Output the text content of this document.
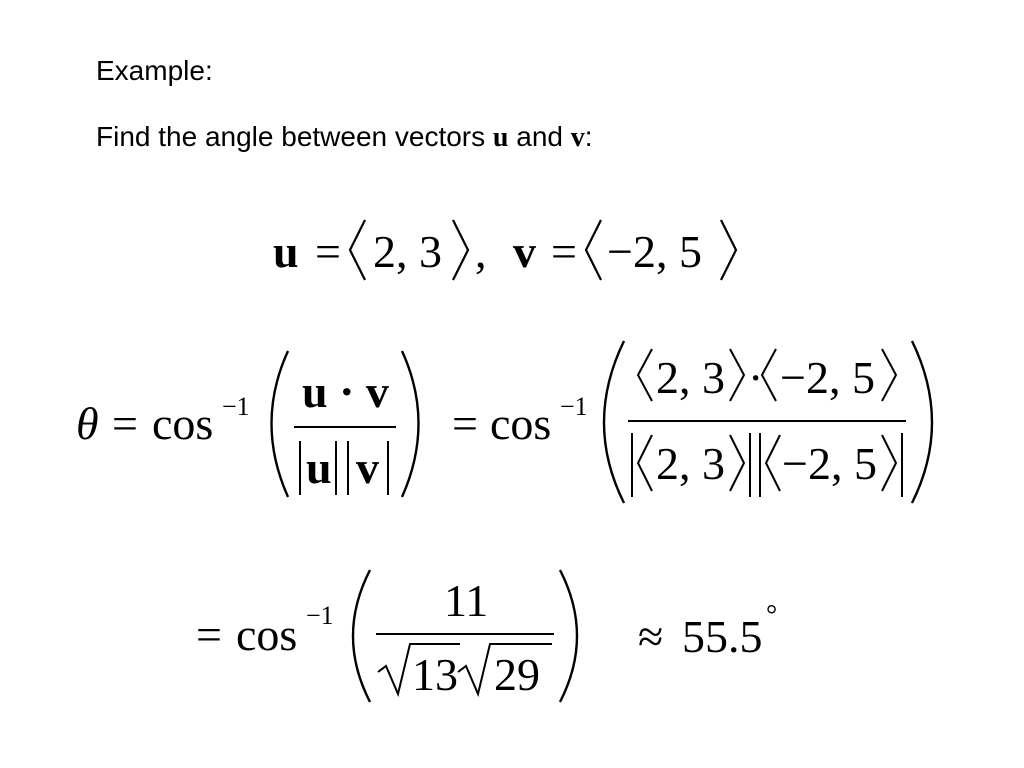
Example:
Find the angle between vectors u and v:
u = 2, 3 , v = −2, 5
θ = cos −1 u · v
u v
= cos −1
2, 3 · −2, 5
2, 3 −2, 5
= cos −1 11
13 29
≈ 55.5 °
